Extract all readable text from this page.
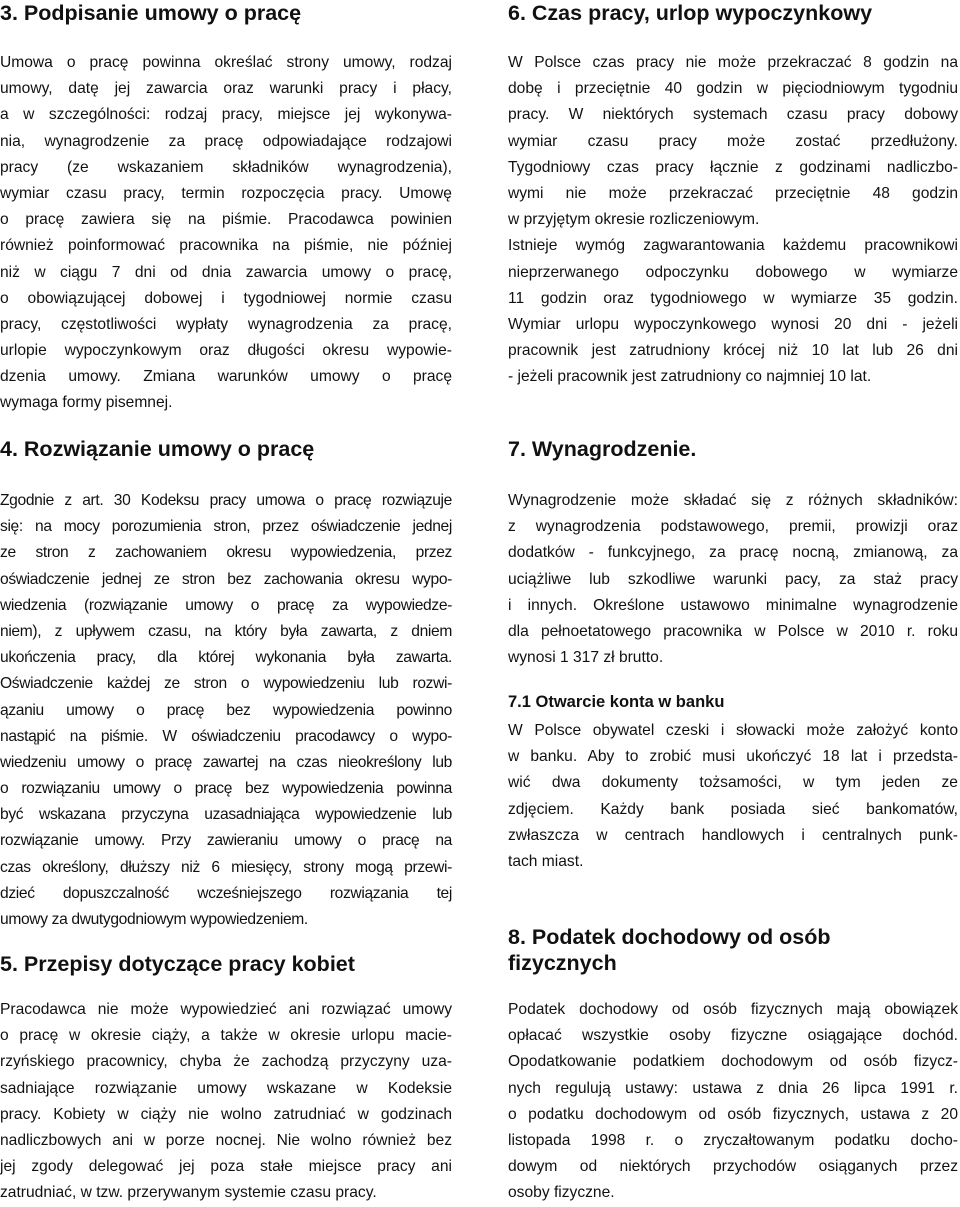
3. Podpisanie umowy o pracę
Umowa o pracę powinna określać strony umowy, rodzaj
umowy, datę jej zawarcia oraz warunki pracy i płacy,
a w szczególności: rodzaj pracy, miejsce jej wykonywa-
nia, wynagrodzenie za pracę odpowiadające rodzajowi
pracy (ze wskazaniem składników wynagrodzenia),
wymiar czasu pracy, termin rozpoczęcia pracy. Umowę
o pracę zawiera się na piśmie. Pracodawca powinien
również poinformować pracownika na piśmie, nie później
niż w ciągu 7 dni od dnia zawarcia umowy o pracę,
o obowiązującej dobowej i tygodniowej normie czasu
pracy, częstotliwości wypłaty wynagrodzenia za pracę,
urlopie wypoczynkowym oraz długości okresu wypowie-
dzenia umowy. Zmiana warunków umowy o pracę
wymaga formy pisemnej.
4. Rozwiązanie umowy o pracę
Zgodnie z art. 30 Kodeksu pracy umowa o pracę rozwiązuje
się: na mocy porozumienia stron, przez oświadczenie jednej
ze stron z zachowaniem okresu wypowiedzenia, przez
oświadczenie jednej ze stron bez zachowania okresu wypo-
wiedzenia (rozwiązanie umowy o pracę za wypowiedze-
niem), z upływem czasu, na który była zawarta, z dniem
ukończenia pracy, dla której wykonania była zawarta.
Oświadczenie każdej ze stron o wypowiedzeniu lub rozwi-
ązaniu umowy o pracę bez wypowiedzenia powinno
nastąpić na piśmie. W oświadczeniu pracodawcy o wypo-
wiedzeniu umowy o pracę zawartej na czas nieokreślony lub
o rozwiązaniu umowy o pracę bez wypowiedzenia powinna
być wskazana przyczyna uzasadniająca wypowiedzenie lub
rozwiązanie umowy. Przy zawieraniu umowy o pracę na
czas określony, dłuższy niż 6 miesięcy, strony mogą przewi-
dzieć dopuszczalność wcześniejszego rozwiązania tej
umowy za dwutygodniowym wypowiedzeniem.
5. Przepisy dotyczące pracy kobiet
Pracodawca nie może wypowiedzieć ani rozwiązać umowy
o pracę w okresie ciąży, a także w okresie urlopu macie-
rzyńskiego pracownicy, chyba że zachodzą przyczyny uza-
sadniające rozwiązanie umowy wskazane w Kodeksie
pracy. Kobiety w ciąży nie wolno zatrudniać w godzinach
nadliczbowych ani w porze nocnej. Nie wolno również bez
jej zgody delegować jej poza stałe miejsce pracy ani
zatrudniać, w tzw. przerywanym systemie czasu pracy.
6. Czas pracy, urlop wypoczynkowy
W Polsce czas pracy nie może przekraczać 8 godzin na
dobę i przeciętnie 40 godzin w pięciodniowym tygodniu
pracy. W niektórych systemach czasu pracy dobowy
wymiar czasu pracy może zostać przedłużony.
Tygodniowy czas pracy łącznie z godzinami nadliczbo-
wymi nie może przekraczać przeciętnie 48 godzin
w przyjętym okresie rozliczeniowym.
Istnieje wymóg zagwarantowania każdemu pracownikowi
nieprzerwanego odpoczynku dobowego w wymiarze
11 godzin oraz tygodniowego w wymiarze 35 godzin.
Wymiar urlopu wypoczynkowego wynosi 20 dni - jeżeli
pracownik jest zatrudniony krócej niż 10 lat lub 26 dni
- jeżeli pracownik jest zatrudniony co najmniej 10 lat.
7. Wynagrodzenie.
Wynagrodzenie może składać się z różnych składników:
z wynagrodzenia podstawowego, premii, prowizji oraz
dodatków - funkcyjnego, za pracę nocną, zmianową, za
uciążliwe lub szkodliwe warunki pacy, za staż pracy
i innych. Określone ustawowo minimalne wynagrodzenie
dla pełnoetatowego pracownika w Polsce w 2010 r. roku
wynosi 1 317 zł brutto.
7.1 Otwarcie konta w banku
W Polsce obywatel czeski i słowacki może założyć konto
w banku. Aby to zrobić musi ukończyć 18 lat i przedsta-
wić dwa dokumenty tożsamości, w tym jeden ze
zdjęciem. Każdy bank posiada sieć bankomatów,
zwłaszcza w centrach handlowych i centralnych punk-
tach miast.
8. Podatek dochodowy od osób fizycznych
Podatek dochodowy od osób fizycznych mają obowiązek
opłacać wszystkie osoby fizyczne osiągające dochód.
Opodatkowanie podatkiem dochodowym od osób fizycz-
nych regulują ustawy: ustawa z dnia 26 lipca 1991 r.
o podatku dochodowym od osób fizycznych, ustawa z 20
listopada 1998 r. o zryczałtowanym podatku docho-
dowym od niektórych przychodów osiąganych przez
osoby fizyczne.
